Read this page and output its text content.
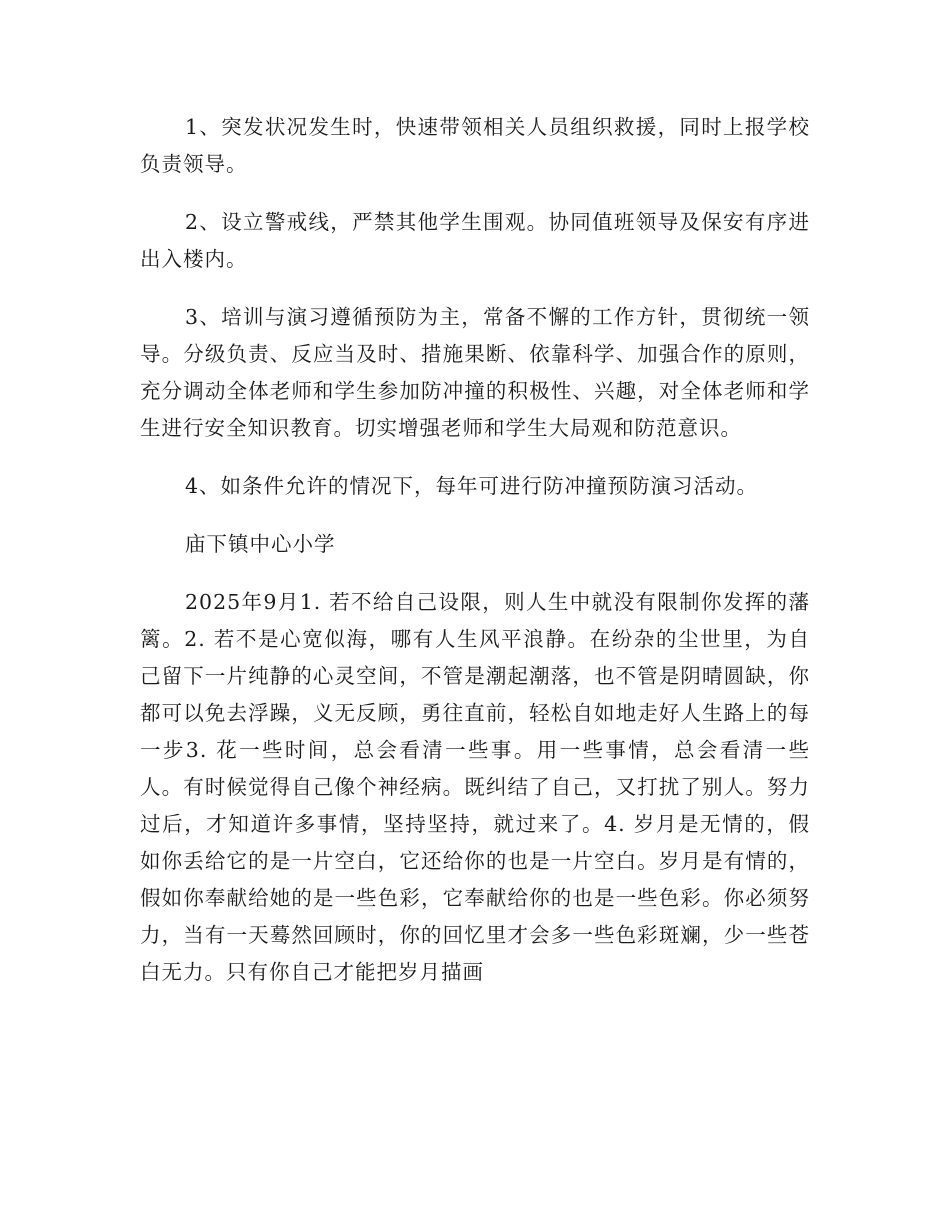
1、突发状况发生时，快速带领相关人员组织救援，同时上报学校负责领导。

2、设立警戒线，严禁其他学生围观。协同值班领导及保安有序进出入楼内。

3、培训与演习遵循预防为主，常备不懈的工作方针，贯彻统一领导。分级负责、反应当及时、措施果断、依靠科学、加强合作的原则，充分调动全体老师和学生参加防冲撞的积极性、兴趣，对全体老师和学生进行安全知识教育。切实增强老师和学生大局观和防范意识。

4、如条件允许的情况下，每年可进行防冲撞预防演习活动。

庙下镇中心小学

2025年9月1. 若不给自己设限，则人生中就没有限制你发挥的藩篱。2. 若不是心宽似海，哪有人生风平浪静。在纷杂的尘世里，为自己留下一片纯静的心灵空间，不管是潮起潮落，也不管是阴晴圆缺，你都可以免去浮躁，义无反顾，勇往直前，轻松自如地走好人生路上的每一步3. 花一些时间，总会看清一些事。用一些事情，总会看清一些人。有时候觉得自己像个神经病。既纠结了自己，又打扰了别人。努力过后，才知道许多事情，坚持坚持，就过来了。4. 岁月是无情的，假如你丢给它的是一片空白，它还给你的也是一片空白。岁月是有情的，假如你奉献给她的是一些色彩，它奉献给你的也是一些色彩。你必须努力，当有一天蓦然回顾时，你的回忆里才会多一些色彩斑斓，少一些苍白无力。只有你自己才能把岁月描画
